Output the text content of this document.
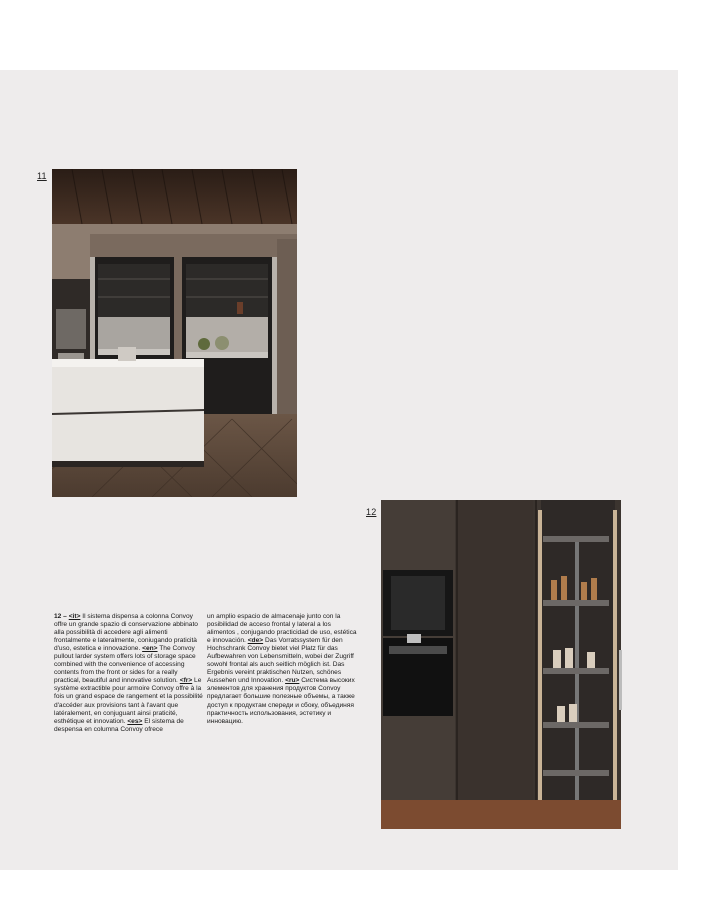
11
12

12 – <it> Il sistema dispensa a colonna Convoy offre un grande spazio di conservazione abbinato alla possibilità di accedere agli alimenti frontalmente e lateralmente, coniugando praticità d'uso, estetica e innovazione. <en> The Convoy pullout larder system offers lots of storage space combined with the convenience of accessing contents from the front or sides for a really practical, beautiful and innovative solution. <fr> Le système extractible pour armoire Convoy offre à la fois un grand espace de rangement et la possibilité d'accéder aux provisions tant à l'avant que latéralement, en conjuguant ainsi praticité, esthétique et innovation. <es> El sistema de despensa en columna Convoy ofrece

un amplio espacio de almacenaje junto con la posibilidad de acceso frontal y lateral a los alimentos , conjugando practicidad de uso, estética e innovación. <de> Das Vorratssystem für den Hochschrank Convoy bietet viel Platz für das Aufbewahren von Lebensmitteln, wobei der Zugriff sowohl frontal als auch seitlich möglich ist. Das Ergebnis vereint praktischen Nutzen, schönes Aussehen und Innovation. <ru> Система высоких элементов для хранения продуктов Convoy предлагает большие полезные объемы, а также доступ к продуктам спереди и сбоку, объединяя практичность использования, эстетику и инновацию.
